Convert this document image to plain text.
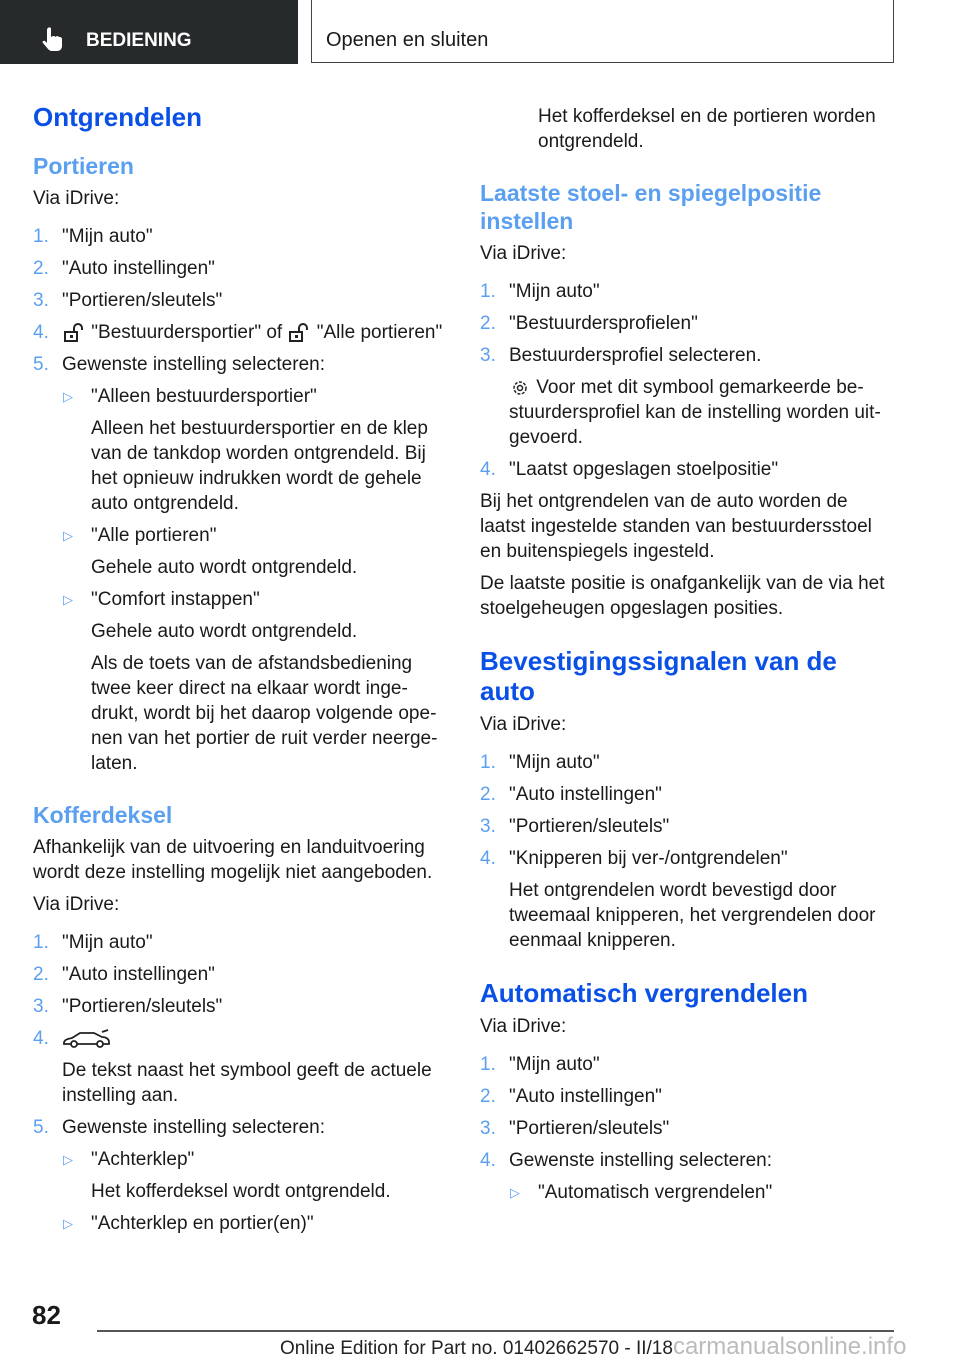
BEDIENING	Openen en sluiten
Ontgrendelen
Portieren

Via iDrive:

1. "Mijn auto"
2. "Auto instellingen"
3. "Portieren/sleutels"
4. "Bestuurdersportier" of "Alle portieren"
5. Gewenste instelling selecteren:
▷ "Alleen bestuurdersportier"

Alleen het bestuurdersportier en de klep van de tankdop worden ontgrendeld. Bij het opnieuw indrukken wordt de gehele auto ontgrendeld.

▷ "Alle portieren"

Gehele auto wordt ontgrendeld.

▷ "Comfort instappen"

Gehele auto wordt ontgrendeld.

Als de toets van de afstandsbediening twee keer direct na elkaar wordt ingedrukt, wordt bij het daarop volgende openen van het portier de ruit verder neergelaten.

Kofferdeksel

Afhankelijk van de uitvoering en landuitvoering wordt deze instelling mogelijk niet aangeboden.

Via iDrive:

1. "Mijn auto"
2. "Auto instellingen"
3. "Portieren/sleutels"
4.

De tekst naast het symbool geeft de actuele instelling aan.

5. Gewenste instelling selecteren:
▷ "Achterklep"

Het kofferdeksel wordt ontgrendeld.

▷ "Achterklep en portier(en)"

Het kofferdeksel en de portieren worden ontgrendeld.

Laatste stoel- en spiegelpositie instellen

Via iDrive:

1. "Mijn auto"
2. "Bestuurdersprofielen"
3. Bestuurdersprofiel selecteren.

Voor met dit symbool gemarkeerde bestuurdersprofiel kan de instelling worden uitgevoerd.

4. "Laatst opgeslagen stoelpositie"

Bij het ontgrendelen van de auto worden de laatst ingestelde standen van bestuurdersstoel en buitenspiegels ingesteld.

De laatste positie is onafgankelijk van de via het stoelgeheugen opgeslagen posities.

Bevestigingssignalen van de auto

Via iDrive:

1. "Mijn auto"
2. "Auto instellingen"
3. "Portieren/sleutels"
4. "Knipperen bij ver-/ontgrendelen"

Het ontgrendelen wordt bevestigd door tweemaal knipperen, het vergrendelen door eenmaal knipperen.

Automatisch vergrendelen

Via iDrive:

1. "Mijn auto"
2. "Auto instellingen"
3. "Portieren/sleutels"
4. Gewenste instelling selecteren:
▷ "Automatisch vergrendelen"
82
Online Edition for Part no. 01402662570 - II/18carmanualsonline.info
